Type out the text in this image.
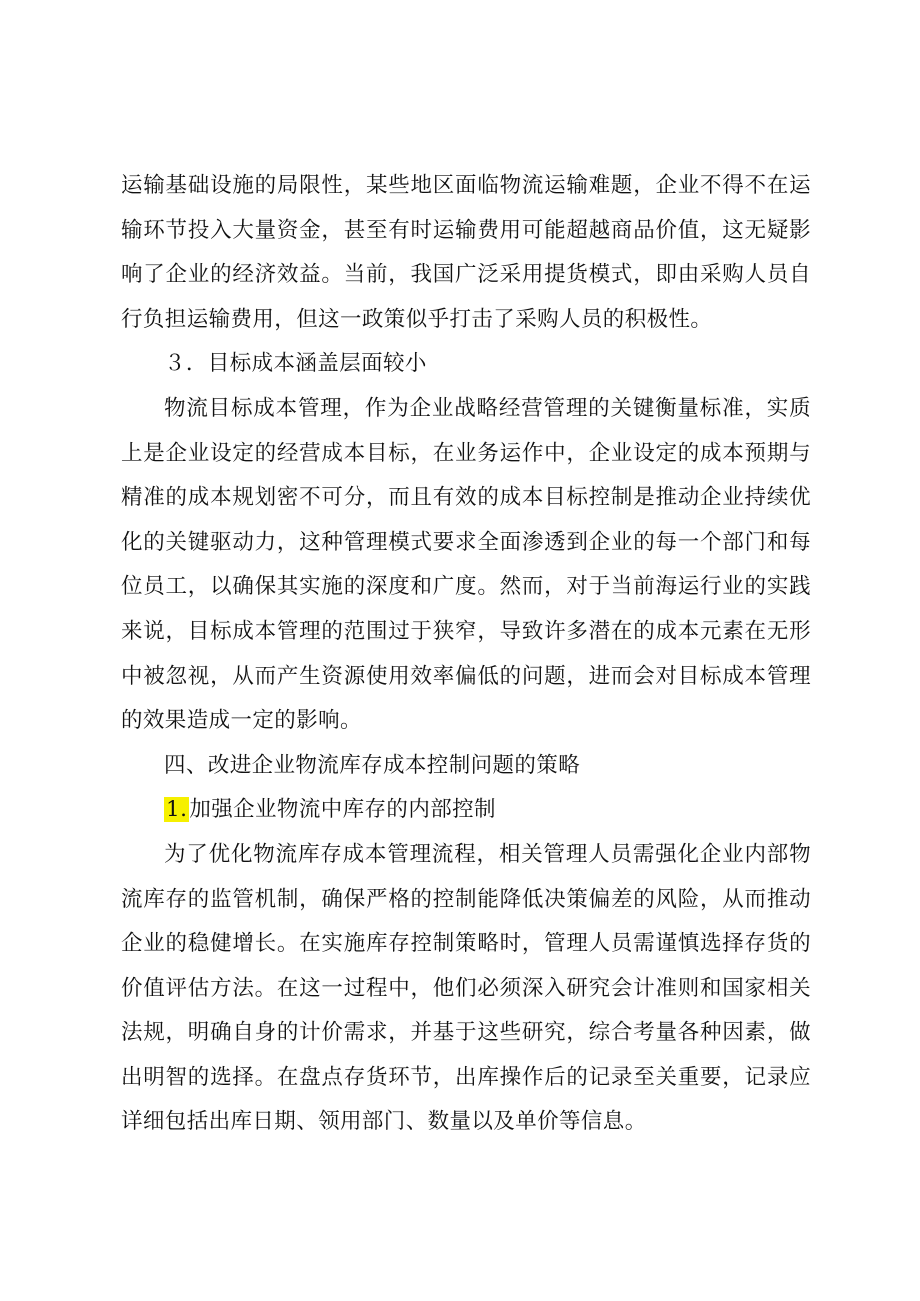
运输基础设施的局限性，某些地区面临物流运输难题，企业不得不在运输环节投入大量资金，甚至有时运输费用可能超越商品价值，这无疑影响了企业的经济效益。当前，我国广泛采用提货模式，即由采购人员自行负担运输费用，但这一政策似乎打击了采购人员的积极性。

３．目标成本涵盖层面较小

物流目标成本管理，作为企业战略经营管理的关键衡量标准，实质上是企业设定的经营成本目标，在业务运作中，企业设定的成本预期与精准的成本规划密不可分，而且有效的成本目标控制是推动企业持续优化的关键驱动力，这种管理模式要求全面渗透到企业的每一个部门和每位员工，以确保其实施的深度和广度。然而，对于当前海运行业的实践来说，目标成本管理的范围过于狭窄，导致许多潜在的成本元素在无形中被忽视，从而产生资源使用效率偏低的问题，进而会对目标成本管理的效果造成一定的影响。

四、改进企业物流库存成本控制问题的策略

1.加强企业物流中库存的内部控制

为了优化物流库存成本管理流程，相关管理人员需强化企业内部物流库存的监管机制，确保严格的控制能降低决策偏差的风险，从而推动企业的稳健增长。在实施库存控制策略时，管理人员需谨慎选择存货的价值评估方法。在这一过程中，他们必须深入研究会计准则和国家相关法规，明确自身的计价需求，并基于这些研究，综合考量各种因素，做出明智的选择。在盘点存货环节，出库操作后的记录至关重要，记录应详细包括出库日期、领用部门、数量以及单价等信息。
